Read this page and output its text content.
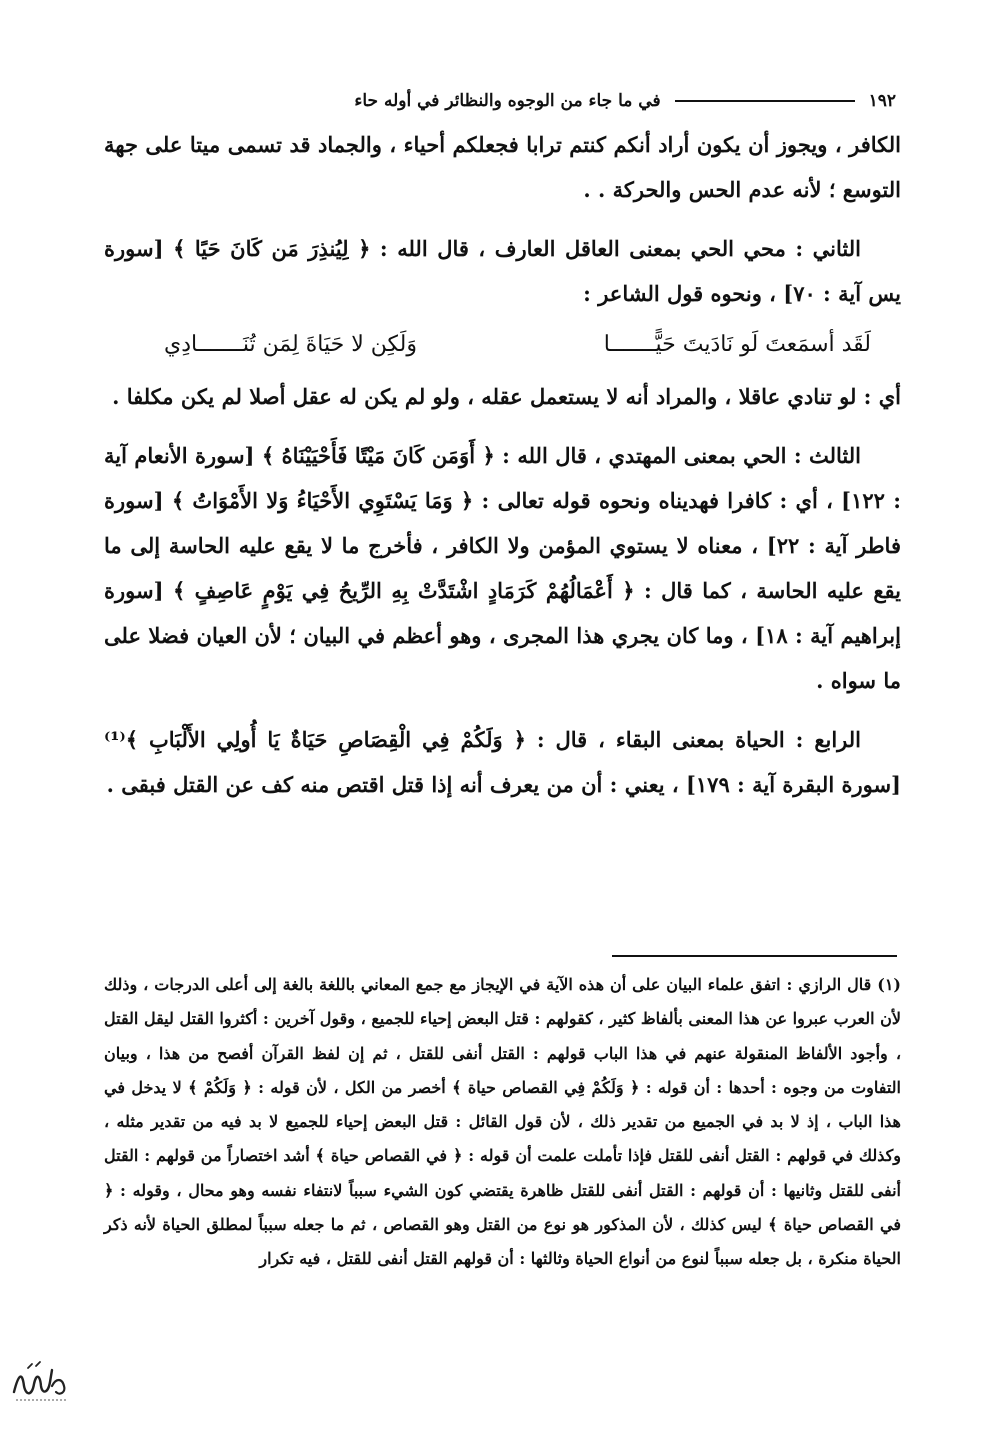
١٩٢
في ما جاء من الوجوه والنظائر في أوله حاء

الكافر ، ويجوز أن يكون أراد أنكم كنتم ترابا فجعلكم أحياء ، والجماد قد تسمى ميتا على جهة التوسع ؛ لأنه عدم الحس والحركة . .

الثاني : محي الحي بمعنى العاقل العارف ، قال الله : ﴿ لِيُنذِرَ مَن كَانَ حَيًا ﴾ [سورة يس آية : ٧٠] ، ونحوه قول الشاعر :

لَقَد أسمَعتَ لَو نَادَيتَ حَيًّـــــــا
وَلَكِن لا حَيَاةَ لِمَن تُنَـــــــادِي

أي : لو تنادي عاقلا ، والمراد أنه لا يستعمل عقله ، ولو لم يكن له عقل أصلا لم يكن مكلفا .

الثالث : الحي بمعنى المهتدي ، قال الله : ﴿ أَوَمَن كَانَ مَيْتًا فَأَحْيَيْنَاهُ ﴾ [سورة الأنعام آية : ١٢٢] ، أي : كافرا فهديناه ونحوه قوله تعالى : ﴿ وَمَا يَسْتَوِي الأَحْيَاءُ وَلا الأَمْوَاتُ ﴾ [سورة فاطر آية : ٢٢] ، معناه لا يستوي المؤمن ولا الكافر ، فأخرج ما لا يقع عليه الحاسة إلى ما يقع عليه الحاسة ، كما قال : ﴿ أَعْمَالُهُمْ كَرَمَادٍ اشْتَدَّتْ بِهِ الرِّيحُ فِي يَوْمٍ عَاصِفٍ ﴾ [سورة إبراهيم آية : ١٨] ، وما كان يجري هذا المجرى ، وهو أعظم في البيان ؛ لأن العيان فضلا على ما سواه .

الرابع : الحياة بمعنى البقاء ، قال : ﴿ وَلَكُمْ فِي الْقِصَاصِ حَيَاةٌ يَا أُولِي الأَلْبَابِ ﴾⁽¹⁾ [سورة البقرة آية : ١٧٩] ، يعني : أن من يعرف أنه إذا قتل اقتص منه كف عن القتل فبقى .

(١) قال الرازي : اتفق علماء البيان على أن هذه الآية في الإيجاز مع جمع المعاني باللغة بالغة إلى أعلى الدرجات ، وذلك لأن العرب عبروا عن هذا المعنى بألفاظ كثير ، كقولهم : قتل البعض إحياء للجميع ، وقول آخرين : أكثروا القتل ليقل القتل ، وأجود الألفاظ المنقولة عنهم في هذا الباب قولهم : القتل أنفى للقتل ، ثم إن لفظ القرآن أفصح من هذا ، وبيان التفاوت من وجوه : أحدها : أن قوله : ﴿ وَلَكُمْ فِي القصاص حياة ﴾ أخصر من الكل ، لأن قوله : ﴿ وَلَكُمْ ﴾ لا يدخل في هذا الباب ، إذ لا بد في الجميع من تقدير ذلك ، لأن قول القائل : قتل البعض إحياء للجميع لا بد فيه من تقدير مثله ، وكذلك في قولهم : القتل أنفى للقتل فإذا تأملت علمت أن قوله : ﴿ في القصاص حياة ﴾ أشد اختصاراً من قولهم : القتل أنفى للقتل وثانيها : أن قولهم : القتل أنفى للقتل ظاهرة يقتضي كون الشيء سبباً لانتفاء نفسه وهو محال ، وقوله : ﴿ في القصاص حياة ﴾ ليس كذلك ، لأن المذكور هو نوع من القتل وهو القصاص ، ثم ما جعله سبباً لمطلق الحياة لأنه ذكر الحياة منكرة ، بل جعله سبباً لنوع من أنواع الحياة وثالثها : أن قولهم القتل أنفى للقتل ، فيه تكرار
